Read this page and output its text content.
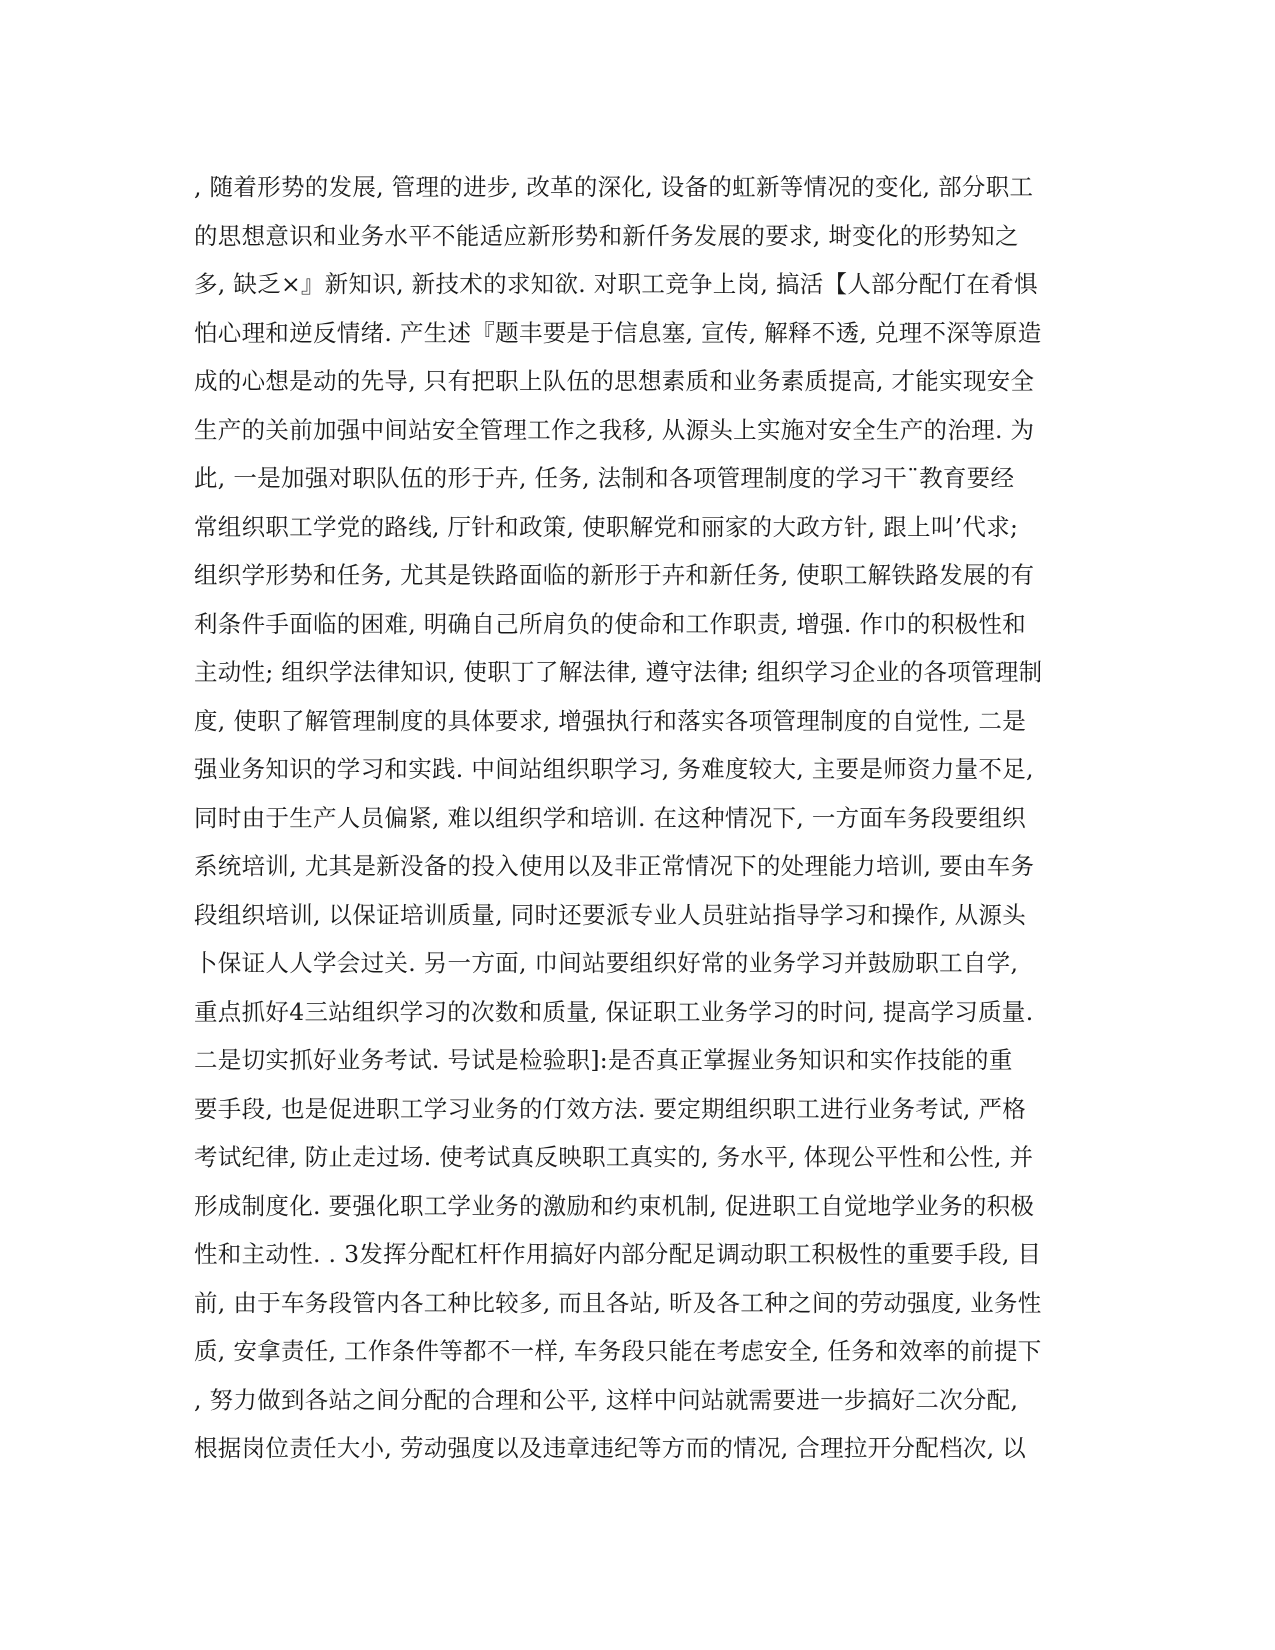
, 随着形势的发展, 管理的进步, 改革的深化, 设备的虹新等情况的变化, 部分职工
的思想意识和业务水平不能适应新形势和新仟务发展的要求, 埘变化的形势知之
多, 缺乏×』新知识, 新技术的求知欲. 对职工竞争上岗, 搞活【人部分配仃在肴惧
怕心理和逆反情绪. 产生述『题丰要是于信息塞, 宣传, 解释不透, 兑理不深等原造
成的心想是动的先导, 只有把职上队伍的思想素质和业务素质提高, 才能实现安全
生产的关前加强中间站安全管理工作之我移, 从源头上实施对安全生产的治理. 为
此, 一是加强对职队伍的形于卉, 任务, 法制和各项管理制度的学习干¨教育要经
常组织职工学党的路线, 厅针和政策, 使职解党和丽家的大政方针, 跟上叫’代求;
组织学形势和任务, 尤其是铁路面临的新形于卉和新任务, 使职工解铁路发展的有
利条件手面临的困难, 明确自己所肩负的使命和工作职责, 增强. 作巾的积极性和
主动性; 组织学法律知识, 使职丁了解法律, 遵守法律; 组织学习企业的各项管理制
度, 使职了解管理制度的具体要求, 增强执行和落实各项管理制度的自觉性, 二是
强业务知识的学习和实践. 中间站组织职学习, 务难度较大, 主要是师资力量不足,
同时由于生产人员偏紧, 难以组织学和培训. 在这种情况下, 一方面车务段要组织
系统培训, 尤其是新没备的投入使用以及非正常情况下的处理能力培训, 要由车务
段组织培训, 以保证培训质量, 同时还要派专业人员驻站指导学习和操作, 从源头
卜保证人人学会过关. 另一方面, 巾间站要组织好常的业务学习并鼓励职工自学,
重点抓好4三站组织学习的次数和质量, 保证职工业务学习的时问, 提高学习质量.
二是切实抓好业务考试. 号试是检验职]:是否真正掌握业务知识和实作技能的重
要手段, 也是促进职工学习业务的仃效方法. 要定期组织职工进行业务考试, 严格
考试纪律, 防止走过场. 使考试真反映职工真实的, 务水平, 体现公平性和公性, 并
形成制度化. 要强化职工学业务的激励和约束机制, 促进职工自觉地学业务的积极
性和主动性. . 3发挥分配杠杆作用搞好内部分配足调动职工积极性的重要手段, 目
前, 由于车务段管内各工种比较多, 而且各站, 昕及各工种之间的劳动强度, 业务性
质, 安拿责任, 工作条件等都不一样, 车务段只能在考虑安全, 任务和效率的前提下
, 努力做到各站之间分配的合理和公平, 这样中问站就需要进一步搞好二次分配,
根据岗位责任大小, 劳动强度以及违章违纪等方而的情况, 合理拉开分配档次, 以
